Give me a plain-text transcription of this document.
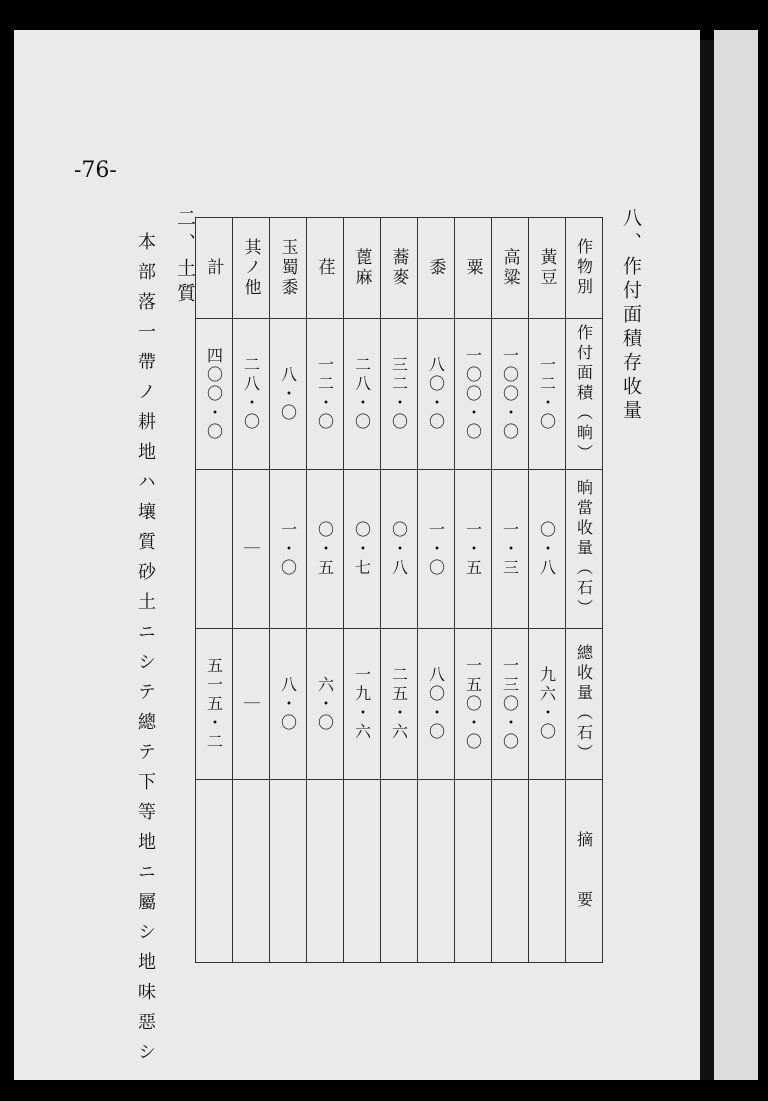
-76-
八、作付面積存收量
作物別	黃豆	高粱	粟	黍	蕎麥	蓖麻	荏	玉蜀黍	其ノ他	計

作付面積（晌）	一二・〇	一〇〇・〇	一〇〇・〇	八〇・〇	三二・〇	二八・〇	一二・〇	八・〇	二八・〇	四〇〇・〇

晌當收量（石）	〇・八	一・三	一・五	一・〇	〇・八	〇・七	〇・五	一・〇	｜	

總收量（石）	九六・〇	一三〇・〇	一五〇・〇	八〇・〇	二五・六	一九・六	六・〇	八・〇	｜	五一五・二

摘　　要										

二、土質
本部落一帶ノ耕地ハ壤質砂土ニシテ總テ下等地ニ屬シ地味惡シ
